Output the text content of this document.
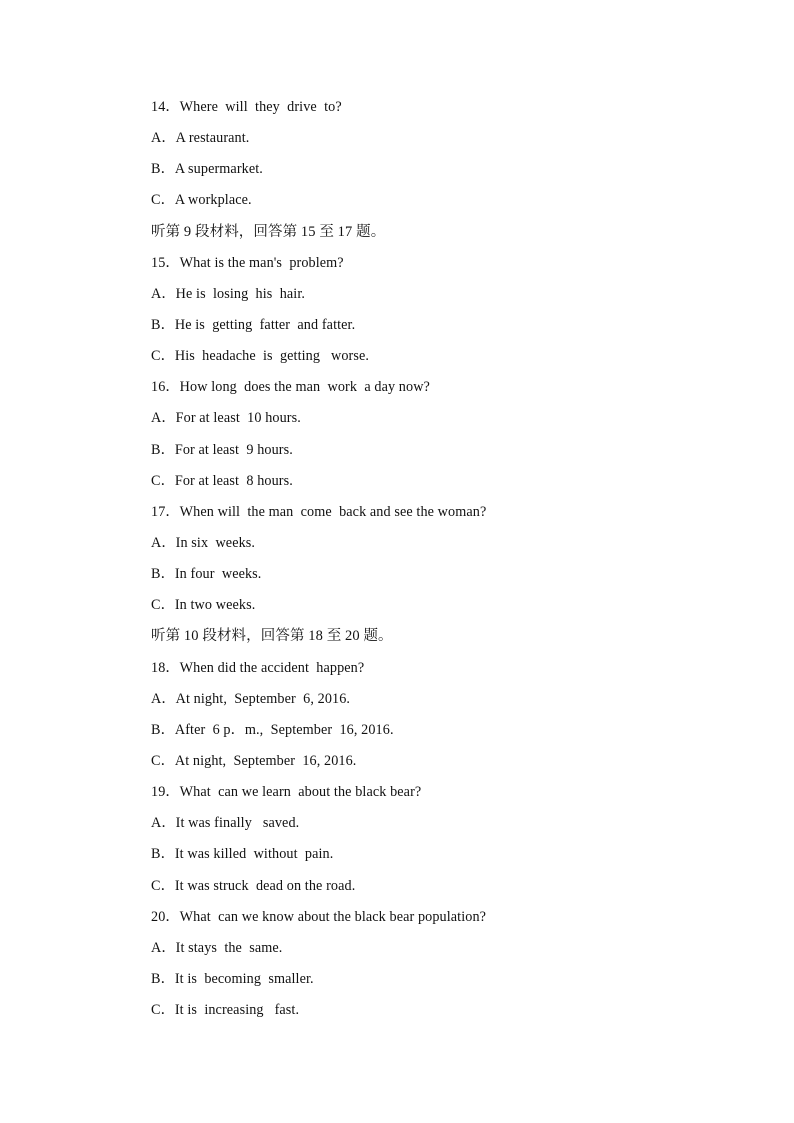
14．Where  will  they  drive  to?
A．A restaurant.
B．A supermarket.
C．A workplace.
听第 9 段材料，回答第 15 至 17 题。
15．What is the man's  problem?
A．He is  losing  his  hair.
B．He is  getting  fatter  and fatter.
C．His  headache  is  getting   worse.
16．How long  does the man  work  a day now?
A．For at least  10 hours.
B．For at least  9 hours.
C．For at least  8 hours.
17．When will  the man  come  back and see the woman?
A．In six  weeks.
B．In four  weeks.
C．In two weeks.
听第 10 段材料，回答第 18 至 20 题。
18．When did the accident  happen?
A．At night,  September  6, 2016.
B．After  6 p．m.,  September  16, 2016.
C．At night,  September  16, 2016.
19．What  can we learn  about the black bear?
A．It was finally   saved.
B．It was killed  without  pain.
C．It was struck  dead on the road.
20．What  can we know about the black bear population?
A．It stays  the  same.
B．It is  becoming  smaller.
C．It is  increasing   fast.
